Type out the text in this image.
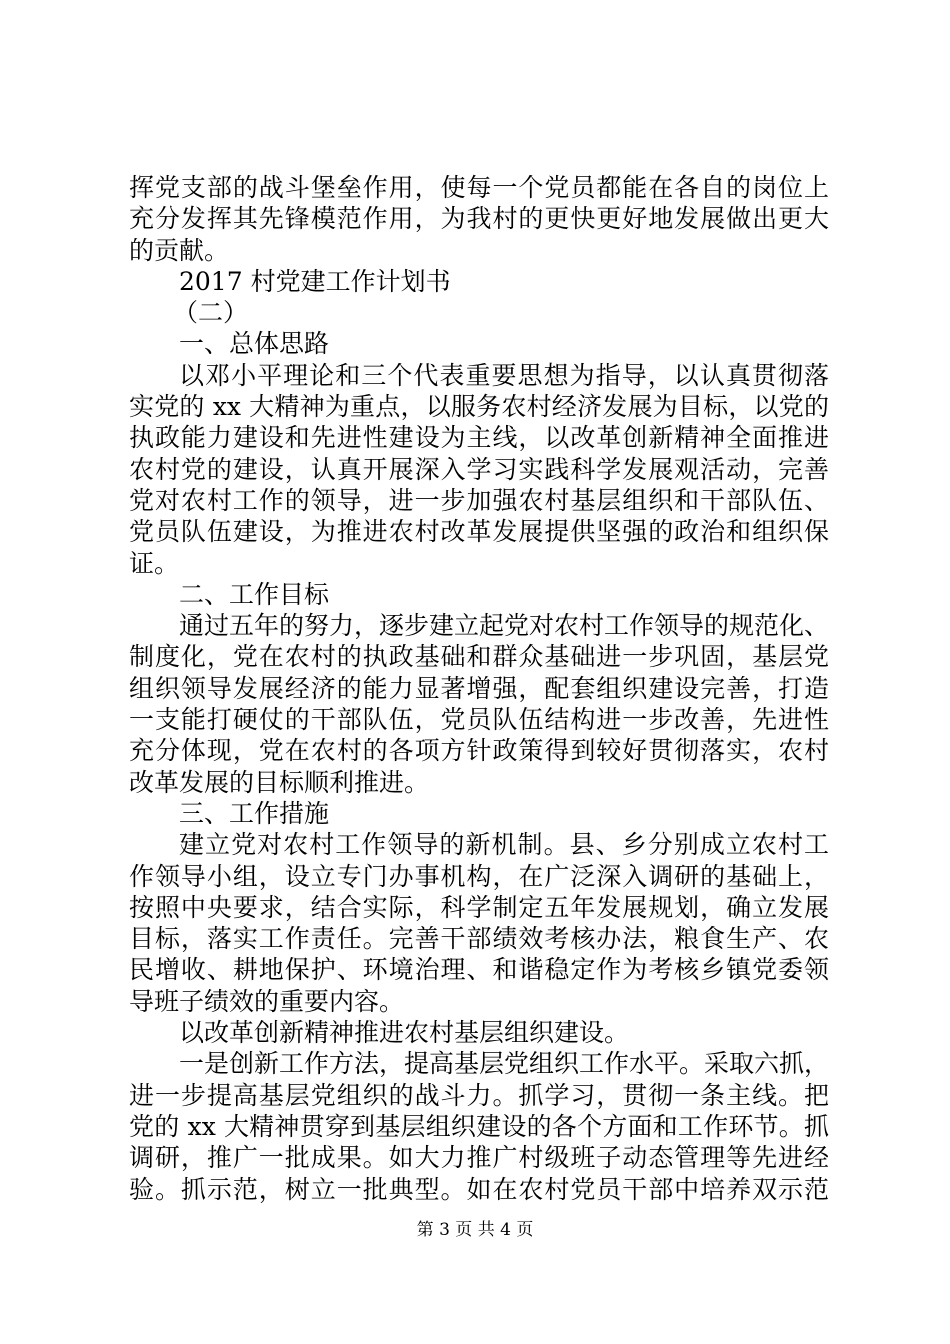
挥党支部的战斗堡垒作用，使每一个党员都能在各自的岗位上
充分发挥其先锋模范作用，为我村的更快更好地发展做出更大
的贡献。
2017 村党建工作计划书
（二）
一、总体思路
以邓小平理论和三个代表重要思想为指导，以认真贯彻落
实党的 xx 大精神为重点，以服务农村经济发展为目标，以党的
执政能力建设和先进性建设为主线，以改革创新精神全面推进
农村党的建设，认真开展深入学习实践科学发展观活动，完善
党对农村工作的领导，进一步加强农村基层组织和干部队伍、
党员队伍建设，为推进农村改革发展提供坚强的政治和组织保
证。
二、工作目标
通过五年的努力，逐步建立起党对农村工作领导的规范化、
制度化，党在农村的执政基础和群众基础进一步巩固，基层党
组织领导发展经济的能力显著增强，配套组织建设完善，打造
一支能打硬仗的干部队伍，党员队伍结构进一步改善，先进性
充分体现，党在农村的各项方针政策得到较好贯彻落实，农村
改革发展的目标顺利推进。
三、工作措施
建立党对农村工作领导的新机制。县、乡分别成立农村工
作领导小组，设立专门办事机构，在广泛深入调研的基础上，
按照中央要求，结合实际，科学制定五年发展规划，确立发展
目标，落实工作责任。完善干部绩效考核办法，粮食生产、农
民增收、耕地保护、环境治理、和谐稳定作为考核乡镇党委领
导班子绩效的重要内容。
以改革创新精神推进农村基层组织建设。
一是创新工作方法，提高基层党组织工作水平。采取六抓，
进一步提高基层党组织的战斗力。抓学习，贯彻一条主线。把
党的 xx 大精神贯穿到基层组织建设的各个方面和工作环节。抓
调研，推广一批成果。如大力推广村级班子动态管理等先进经
验。抓示范，树立一批典型。如在农村党员干部中培养双示范
第 3 页 共 4 页
